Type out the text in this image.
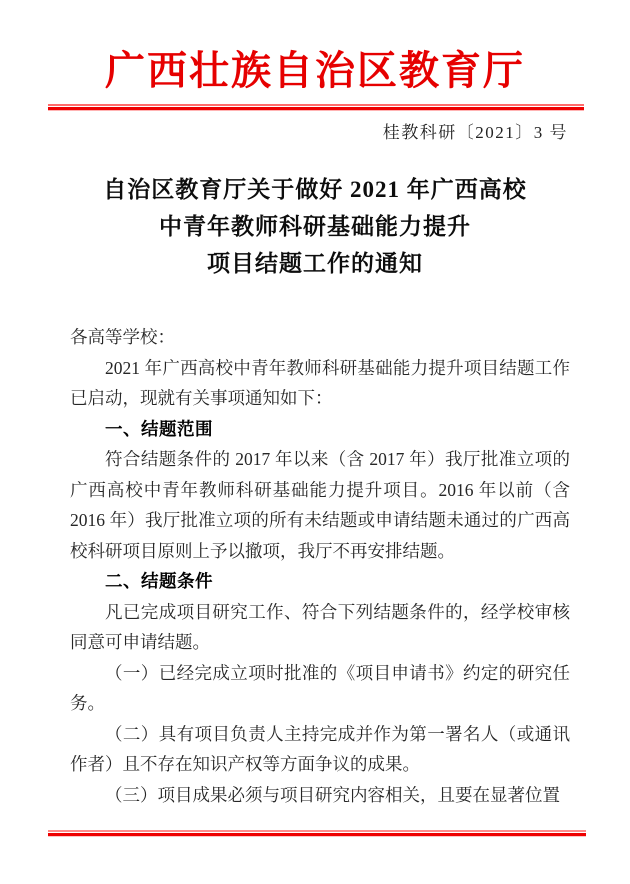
广西壮族自治区教育厅
桂教科研〔2021〕3 号
自治区教育厅关于做好 2021 年广西高校
中青年教师科研基础能力提升
项目结题工作的通知

各高等学校：

2021 年广西高校中青年教师科研基础能力提升项目结题工作已启动，现就有关事项通知如下：

一、结题范围

符合结题条件的 2017 年以来（含 2017 年）我厅批准立项的广西高校中青年教师科研基础能力提升项目。2016 年以前（含 2016 年）我厅批准立项的所有未结题或申请结题未通过的广西高校科研项目原则上予以撤项，我厅不再安排结题。

二、结题条件

凡已完成项目研究工作、符合下列结题条件的，经学校审核同意可申请结题。

（一）已经完成立项时批准的《项目申请书》约定的研究任务。

（二）具有项目负责人主持完成并作为第一署名人（或通讯作者）且不存在知识产权等方面争议的成果。

（三）项目成果必须与项目研究内容相关，且要在显著位置
